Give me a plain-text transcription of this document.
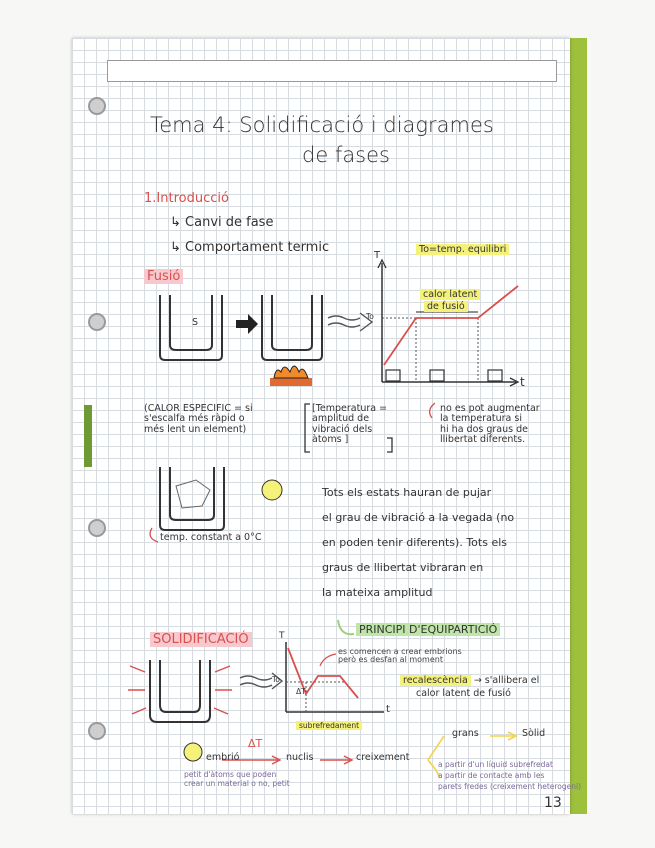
Tema 4: Solidificació i diagrames
de fases
1.Introducció
↳ Canvi de fase
↳ Comportament termic	To=temp. equilibri
Fusió
S
T
t
To
calor latent
de fusió
(CALOR ESPECIFIC = si
s'escalfa més ràpid o
més lent un element)
[Temperatura =
amplitud de
vibració dels
àtoms ]
no es pot augmentar
la temperatura si
hi ha dos graus de
llibertat diferents.
temp. constant a 0°C
Tots els estats hauran de pujar
el grau de vibració a la vegada (no
en poden tenir diferents). Tots els
graus de llibertat vibraran en
la mateixa amplitud
PRINCIPI D'EQUIPARTICIÓ
SOLIDIFICACIÓ	T
t
To
ΔT
es comencen a crear embrions
però es desfan al moment
recalescència → s'allibera el
calor latent de fusió
subrefredament
ΔT
embrió	nuclis	creixement
grans	Sòlid
petit d'àtoms que poden
crear un material o no, petit
a partir d'un líquid subrefredat
a partir de contacte amb les
parets fredes (creixement heterogeni)
13
